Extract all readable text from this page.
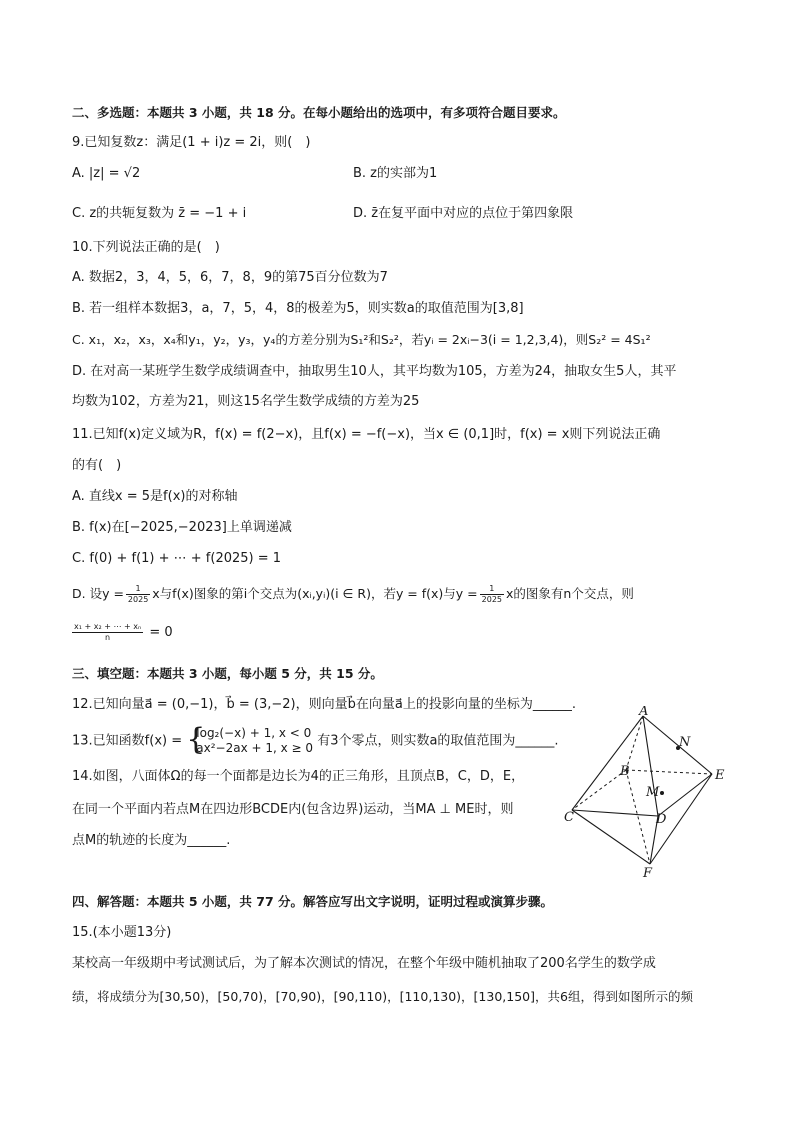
二、多选题：本题共 3 小题，共 18 分。在每小题给出的选项中，有多项符合题目要求。
9.已知复数z：满足(1 + i)z = 2i，则(　)
A. |z| = √2	B. z的实部为1
C. z的共轭复数为 z̄ = −1 + i	D. z̄在复平面中对应的点位于第四象限
10.下列说法正确的是(　)
A. 数据2，3，4，5，6，7，8，9的第75百分位数为7
B. 若一组样本数据3，a，7，5，4，8的极差为5，则实数a的取值范围为[3,8]
C. x₁，x₂，x₃，x₄和y₁，y₂，y₃，y₄的方差分别为S₁²和S₂²，若yᵢ = 2xᵢ−3(i = 1,2,3,4)，则S₂² = 4S₁²
D. 在对高一某班学生数学成绩调查中，抽取男生10人，其平均数为105，方差为24，抽取女生5人，其平
均数为102，方差为21，则这15名学生数学成绩的方差为25
11.已知f(x)定义域为R，f(x) = f(2−x)，且f(x) = −f(−x)，当x ∈ (0,1]时，f(x) = x则下列说法正确
的有(　)
A. 直线x = 5是f(x)的对称轴
B. f(x)在[−2025,−2023]上单调递减
C. f(0) + f(1) + ⋯ + f(2025) = 1
D. 设$y = \frac{1}{2025}$ x与f(x)图象的第i个交点为(xᵢ,yᵢ)(i ∈ R)，若y = f(x)与$y = \frac{1}{2025}$ x的图象有n个交点，则
$\frac{\text{x₁ + x₂ + ⋯ + xₙ}}{n} = 0$
三、填空题：本题共 3 小题，每小题 5 分，共 15 分。
12.已知向量a⃗ = (0,−1)，b⃗ = (3,−2)，则向量b⃗在向量a⃗上的投影向量的坐标为______.
13.已知函数f(x) = {
log₂(−x) + 1, x < 0
ax²−2ax + 1, x ≥ 0 有3个零点，则实数a的取值范围为______.
14.如图，八面体Ω的每一个面都是边长为4的正三角形，且顶点B，C，D，E，
在同一个平面内若点M在四边形BCDE内(包含边界)运动，当MA ⊥ ME时，则
点M的轨迹的长度为______.
A
N
B	E
M
C	D
F
四、解答题：本题共 5 小题，共 77 分。解答应写出文字说明，证明过程或演算步骤。
15.(本小题13分)
某校高一年级期中考试测试后，为了解本次测试的情况，在整个年级中随机抽取了200名学生的数学成
绩，将成绩分为[30,50)，[50,70)，[70,90)，[90,110)，[110,130)，[130,150]，共6组，得到如图所示的频
